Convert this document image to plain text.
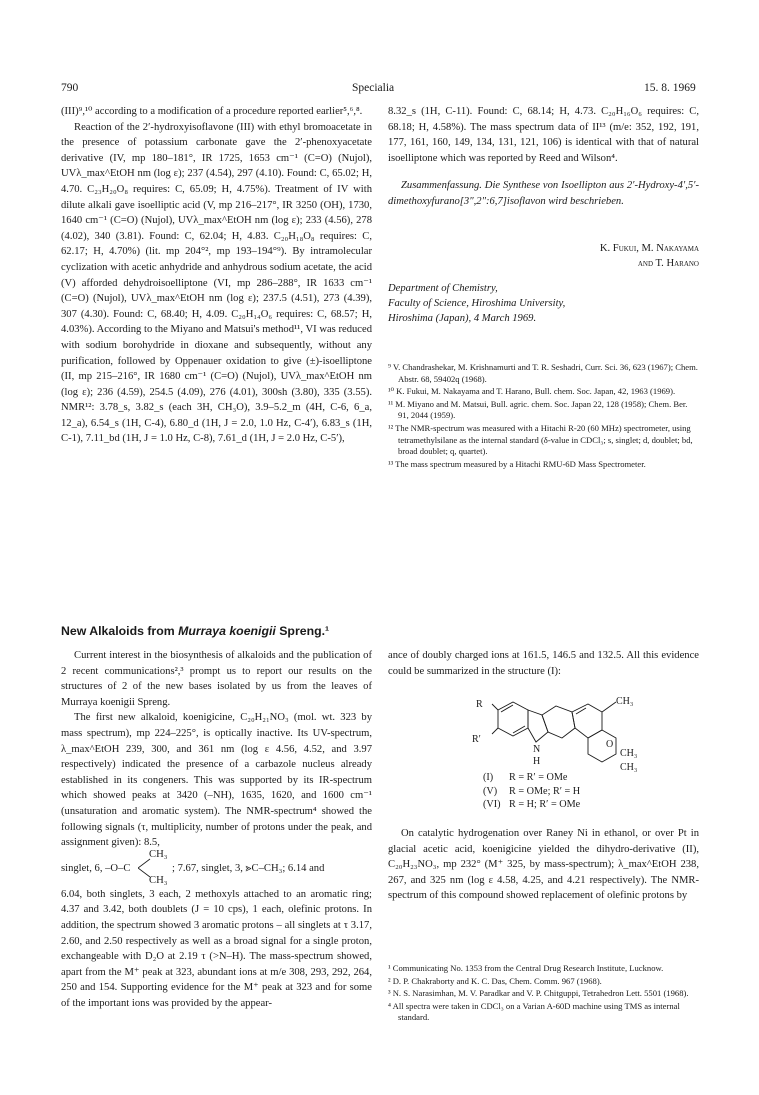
790	Specialia	15. 8. 1969

(III)⁹,¹⁰ according to a modification of a procedure reported earlier⁵,⁶,⁸.

Reaction of the 2′-hydroxyisoflavone (III) with ethyl bromoacetate in the presence of potassium carbonate gave the 2′-phenoxyacetate derivative (IV, mp 180–181°, IR 1725, 1653 cm⁻¹ (C=O) (Nujol), UVλ_max^EtOH nm (log ε); 237 (4.54), 297 (4.10). Found: C, 65.02; H, 4.70. C₂₃H₂₀O₈ requires: C, 65.09; H, 4.75%). Treatment of IV with dilute alkali gave isoelliptic acid (V, mp 216–217°, IR 3250 (OH), 1730, 1640 cm⁻¹ (C=O) (Nujol), UVλ_max^EtOH nm (log ε); 233 (4.56), 278 (4.02), 340 (3.81). Found: C, 62.04; H, 4.83. C₂₀H₁₈O₈ requires: C, 62.17; H, 4.70%) (lit. mp 204°², mp 193–194°⁹). By intramolecular cyclization with acetic anhydride and anhydrous sodium acetate, the acid (V) afforded dehydroisoelliptone (VI, mp 286–288°, IR 1633 cm⁻¹ (C=O) (Nujol), UVλ_max^EtOH nm (log ε); 237.5 (4.51), 273 (4.39), 307 (4.30). Found: C, 68.40; H, 4.09. C₂₀H₁₄O₆ requires: C, 68.57; H, 4.03%). According to the Miyano and Matsui's method¹¹, VI was reduced with sodium borohydride in dioxane and subsequently, without any purification, followed by Oppenauer oxidation to give (±)-isoelliptone (II, mp 215–216°, IR 1680 cm⁻¹ (C=O) (Nujol), UVλ_max^EtOH nm (log ε); 236 (4.59), 254.5 (4.09), 276 (4.01), 300sh (3.80), 335 (3.55). NMR¹²: 3.78_s, 3.82_s (each 3H, CH₃O), 3.9–5.2_m (4H, C-6, 6_a, 12_a), 6.54_s (1H, C-4), 6.80_d (1H, J = 2.0, 1.0 Hz, C-4′), 6.83_s (1H, C-1), 7.11_bd (1H, J = 1.0 Hz, C-8), 7.61_d (1H, J = 2.0 Hz, C-5′),

8.32_s (1H, C-11). Found: C, 68.14; H, 4.73. C₂₀H₁₆O₆ requires: C, 68.18; H, 4.58%). The mass spectrum data of II¹³ (m/e: 352, 192, 191, 177, 161, 160, 149, 134, 131, 121, 106) is identical with that of natural isoelliptone which was reported by Reed and Wilson⁴.

Zusammenfassung. Die Synthese von Isoellipton aus 2′-Hydroxy-4′,5′-dimethoxyfurano[3″,2″:6,7]isoflavon wird beschrieben.

K. Fukui, M. Nakayama
and T. Harano
Department of Chemistry,
Faculty of Science, Hiroshima University,
Hiroshima (Japan), 4 March 1969.

⁹ V. Chandrashekar, M. Krishnamurti and T. R. Seshadri, Curr. Sci. 36, 623 (1967); Chem. Abstr. 68, 59402q (1968).

¹⁰ K. Fukui, M. Nakayama and T. Harano, Bull. chem. Soc. Japan, 42, 1963 (1969).

¹¹ M. Miyano and M. Matsui, Bull. agric. chem. Soc. Japan 22, 128 (1958); Chem. Ber. 91, 2044 (1959).

¹² The NMR-spectrum was measured with a Hitachi R-20 (60 MHz) spectrometer, using tetramethylsilane as the internal standard (δ-value in CDCl₃; s, singlet; d, doublet; bd, broad doublet; q, quartet).

¹³ The mass spectrum measured by a Hitachi RMU-6D Mass Spectrometer.

New Alkaloids from Murraya koenigii Spreng.¹

Current interest in the biosynthesis of alkaloids and the publication of 2 recent communications²,³ prompt us to report our results on the structures of 2 of the new bases isolated by us from the leaves of Murraya koenigii Spreng.

The first new alkaloid, koenigicine, C₂₀H₂₁NO₃ (mol. wt. 323 by mass spectrum), mp 224–225°, is optically inactive. Its UV-spectrum, λ_max^EtOH 239, 300, and 361 nm (log ε 4.56, 4.52, and 3.97 respectively) indicated the presence of a carbazole nucleus already established in its congeners. This was supported by its IR-spectrum which showed peaks at 3420 (–NH), 1635, 1620, and 1600 cm⁻¹ (unsaturation and aromatic system). The NMR-spectrum⁴ showed the following signals (τ, multiplicity, number of protons under the peak, and assignment given): 8.5,

singlet, 6, –O–C
CH₃
CH₃
; 7.67, singlet, 3, ⪢C–CH₃; 6.14 and

6.04, both singlets, 3 each, 2 methoxyls attached to an aromatic ring; 4.37 and 3.42, both doublets (J = 10 cps), 1 each, olefinic protons. In addition, the spectrum showed 3 aromatic protons – all singlets at τ 3.17, 2.60, and 2.50 respectively as well as a broad signal for a single proton, exchangeable with D₂O at 2.19 τ (>N–H). The mass-spectrum showed, apart from the M⁺ peak at 323, abundant ions at m/e 308, 293, 292, 264, 250 and 154. Supporting evidence for the M⁺ peak at 323 and for some of the important ions was provided by the appear-

ance of doubly charged ions at 161.5, 146.5 and 132.5. All this evidence could be summarized in the structure (I):

R
R′
N
H
O
CH₃
CH₃
CH₃
(I)	R = R′ = OMe
(V)	R = OMe; R′ = H
(VI) R = H; R′ = OMe

On catalytic hydrogenation over Raney Ni in ethanol, or over Pt in glacial acetic acid, koenigicine yielded the dihydro-derivative (II), C₂₀H₂₃NO₃, mp 232° (M⁺ 325, by mass-spectrum); λ_max^EtOH 238, 267, and 325 nm (log ε 4.58, 4.25, and 4.21 respectively). The NMR-spectrum of this compound showed replacement of olefinic protons by

¹ Communicating No. 1353 from the Central Drug Research Institute, Lucknow.

² D. P. Chakraborty and K. C. Das, Chem. Comm. 967 (1968).

³ N. S. Narasimhan, M. V. Paradkar and V. P. Chitguppi, Tetrahedron Lett. 5501 (1968).

⁴ All spectra were taken in CDCl₃ on a Varian A-60D machine using TMS as internal standard.
